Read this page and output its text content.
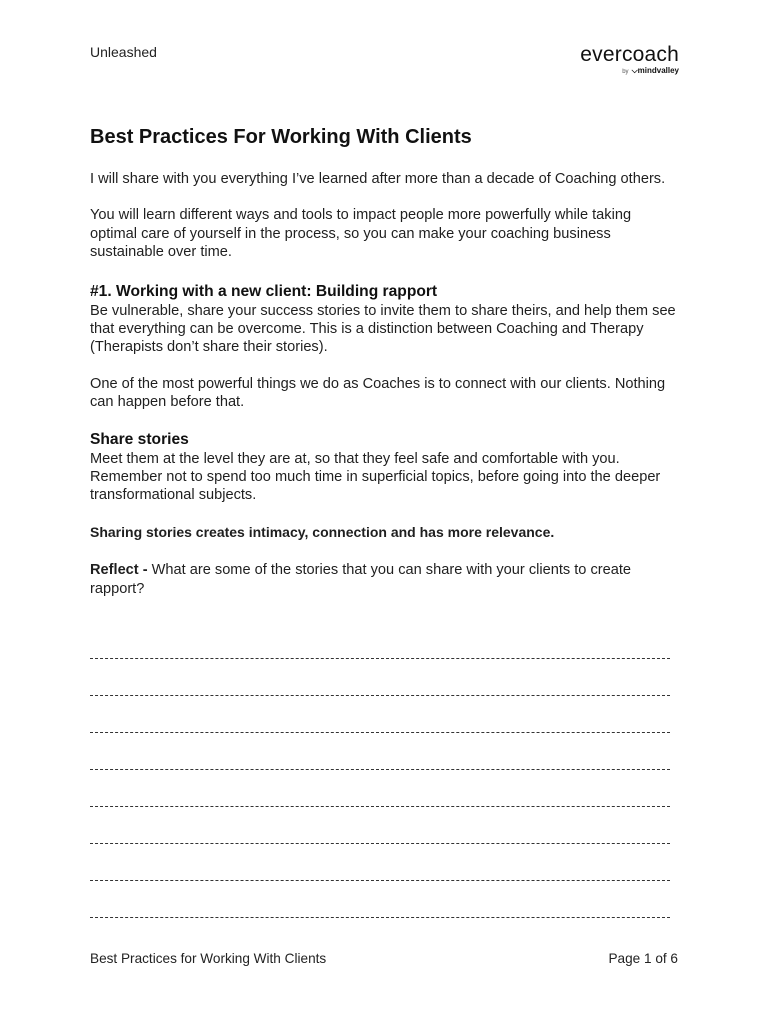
Unleashed	evercoach
by ⌵mindvalley
Best Practices For Working With Clients

I will share with you everything I’ve learned after more than a decade of Coaching others.

You will learn different ways and tools to impact people more powerfully while taking optimal care of yourself in the process, so you can make your coaching business sustainable over time.

#1. Working with a new client: Building rapport

Be vulnerable, share your success stories to invite them to share theirs, and help them see that everything can be overcome. This is a distinction between Coaching and Therapy (Therapists don’t share their stories).

One of the most powerful things we do as Coaches is to connect with our clients. Nothing can happen before that.

Share stories

Meet them at the level they are at, so that they feel safe and comfortable with you. Remember not to spend too much time in superficial topics, before going into the deeper transformational subjects.

Sharing stories creates intimacy, connection and has more relevance.

Reflect - What are some of the stories that you can share with your clients to create rapport?

Best Practices for Working With Clients	Page 1 of 6
